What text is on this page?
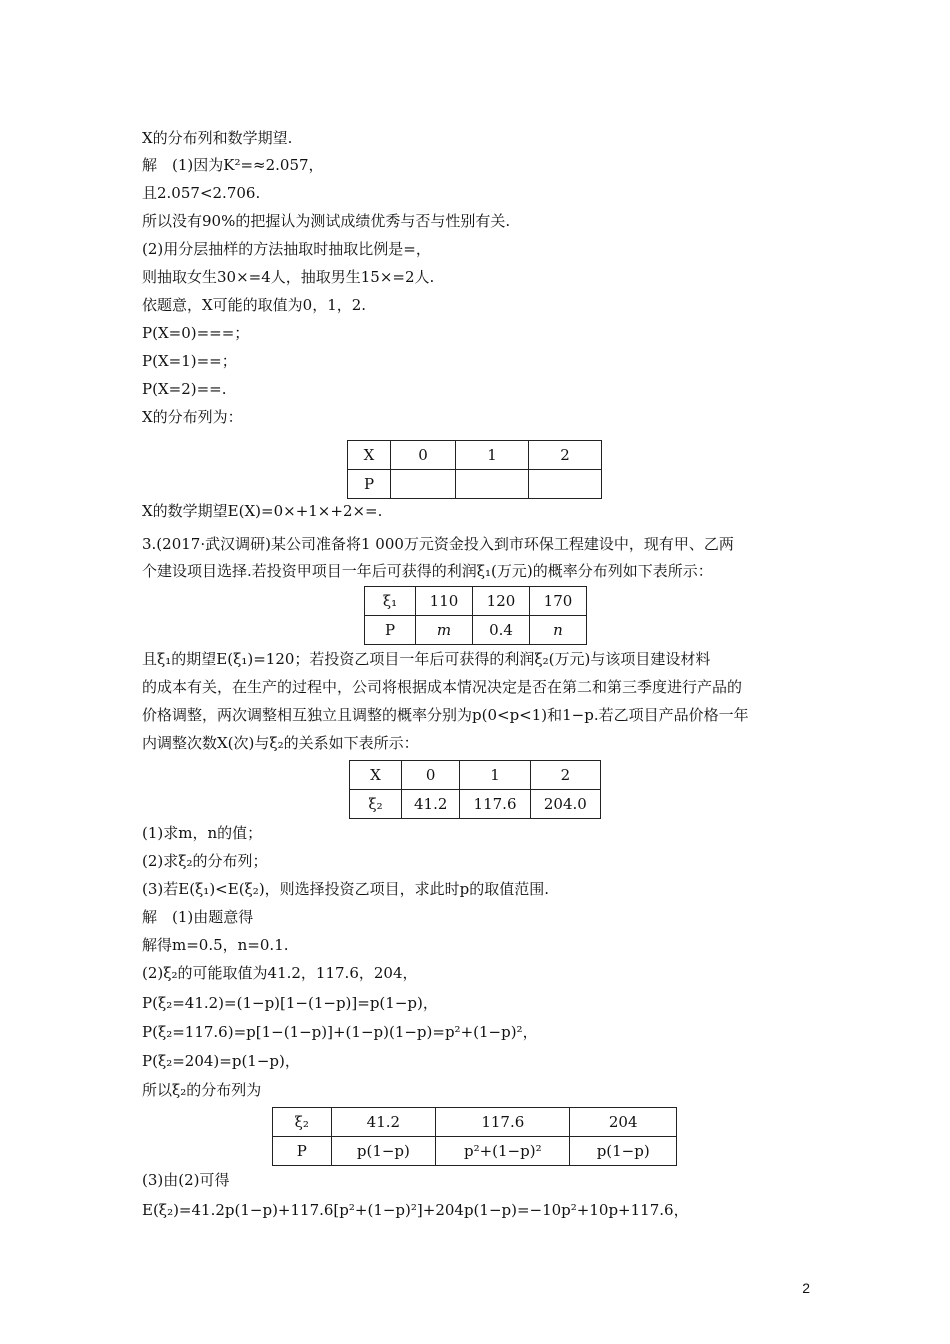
X的分布列和数学期望.
解　(1)因为K²=≈2.057，
且2.057<2.706.
所以没有90%的把握认为测试成绩优秀与否与性别有关.
(2)用分层抽样的方法抽取时抽取比例是=，
则抽取女生30×=4人，抽取男生15×=2人.
依题意，X可能的取值为0，1，2.
P(X=0)===；
P(X=1)==；
P(X=2)==.
X的分布列为：
X	0	1	2
P			
X的数学期望E(X)=0×+1×+2×=.
3.(2017·武汉调研)某公司准备将1 000万元资金投入到市环保工程建设中，现有甲、乙两
个建设项目选择.若投资甲项目一年后可获得的利润ξ₁(万元)的概率分布列如下表所示：
ξ₁	110	120	170
P	m	0.4	n
且ξ₁的期望E(ξ₁)=120；若投资乙项目一年后可获得的利润ξ₂(万元)与该项目建设材料
的成本有关，在生产的过程中，公司将根据成本情况决定是否在第二和第三季度进行产品的
价格调整，两次调整相互独立且调整的概率分别为p(0<p<1)和1−p.若乙项目产品价格一年
内调整次数X(次)与ξ₂的关系如下表所示：
X	0	1	2
ξ₂	41.2	117.6	204.0
(1)求m，n的值；
(2)求ξ₂的分布列；
(3)若E(ξ₁)<E(ξ₂)，则选择投资乙项目，求此时p的取值范围.
解　(1)由题意得
解得m=0.5，n=0.1.
(2)ξ₂的可能取值为41.2，117.6，204，
P(ξ₂=41.2)=(1−p)[1−(1−p)]=p(1−p)，
P(ξ₂=117.6)=p[1−(1−p)]+(1−p)(1−p)=p²+(1−p)²，
P(ξ₂=204)=p(1−p)，
所以ξ₂的分布列为
ξ₂	41.2	117.6	204
P	p(1−p)	p²+(1−p)²	p(1−p)
(3)由(2)可得
E(ξ₂)=41.2p(1−p)+117.6[p²+(1−p)²]+204p(1−p)=−10p²+10p+117.6，
2
